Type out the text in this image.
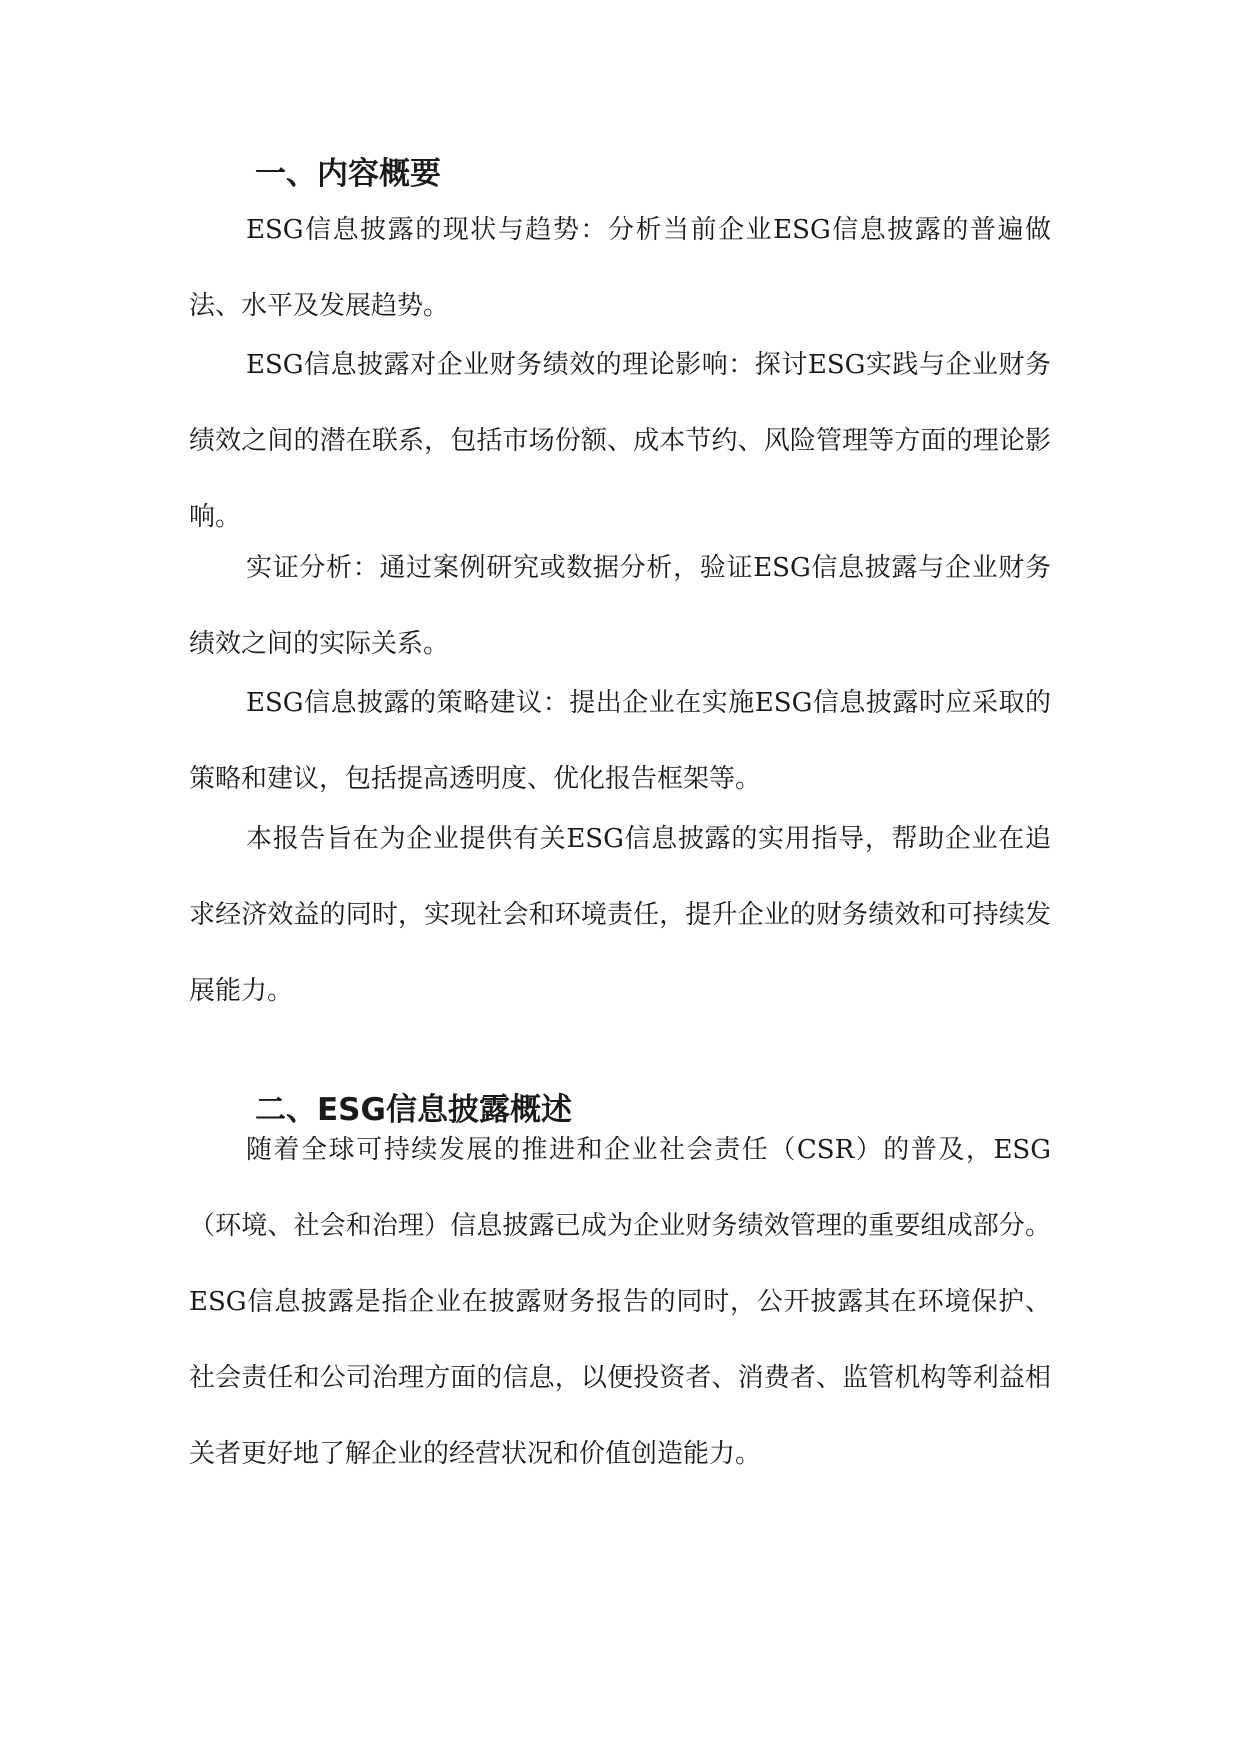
一、内容概要

ESG信息披露的现状与趋势：分析当前企业ESG信息披露的普遍做法、水平及发展趋势。

ESG信息披露对企业财务绩效的理论影响：探讨ESG实践与企业财务绩效之间的潜在联系，包括市场份额、成本节约、风险管理等方面的理论影响。

实证分析：通过案例研究或数据分析，验证ESG信息披露与企业财务绩效之间的实际关系。

ESG信息披露的策略建议：提出企业在实施ESG信息披露时应采取的策略和建议，包括提高透明度、优化报告框架等。

本报告旨在为企业提供有关ESG信息披露的实用指导，帮助企业在追求经济效益的同时，实现社会和环境责任，提升企业的财务绩效和可持续发展能力。

二、ESG信息披露概述

随着全球可持续发展的推进和企业社会责任（CSR）的普及，ESG（环境、社会和治理）信息披露已成为企业财务绩效管理的重要组成部分。ESG信息披露是指企业在披露财务报告的同时，公开披露其在环境保护、社会责任和公司治理方面的信息，以便投资者、消费者、监管机构等利益相关者更好地了解企业的经营状况和价值创造能力。
